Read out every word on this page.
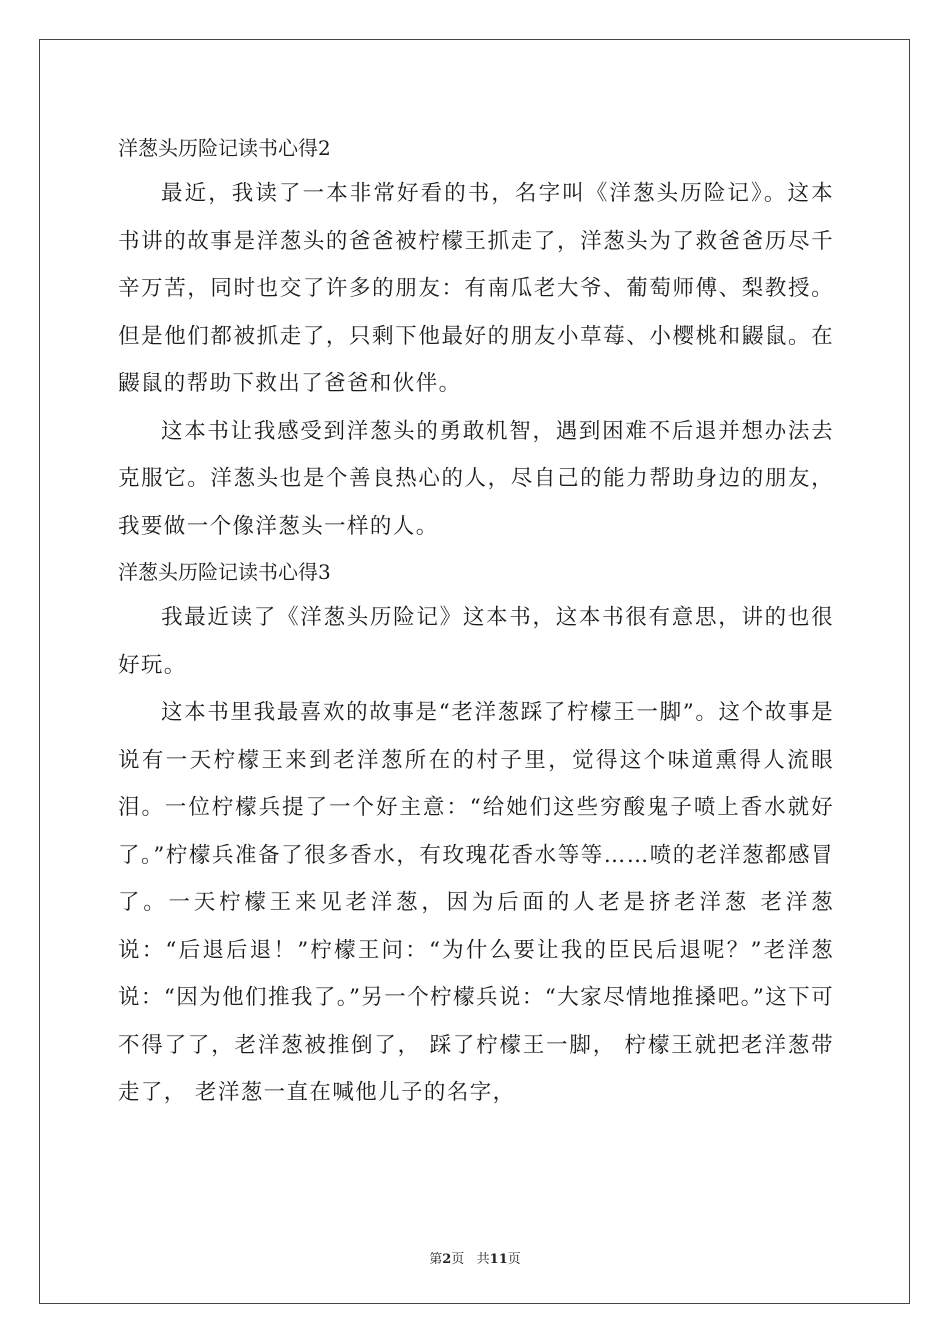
洋葱头历险记读书心得2

最近，我读了一本非常好看的书，名字叫《洋葱头历险记》。这本书讲的故事是洋葱头的爸爸被柠檬王抓走了，洋葱头为了救爸爸历尽千辛万苦，同时也交了许多的朋友：有南瓜老大爷、葡萄师傅、梨教授。但是他们都被抓走了，只剩下他最好的朋友小草莓、小樱桃和鼹鼠。在鼹鼠的帮助下救出了爸爸和伙伴。

这本书让我感受到洋葱头的勇敢机智，遇到困难不后退并想办法去克服它。洋葱头也是个善良热心的人，尽自己的能力帮助身边的朋友，我要做一个像洋葱头一样的人。

洋葱头历险记读书心得3

我最近读了《洋葱头历险记》这本书，这本书很有意思，讲的也很好玩。

这本书里我最喜欢的故事是“老洋葱踩了柠檬王一脚”。这个故事是说有一天柠檬王来到老洋葱所在的村子里，觉得这个味道熏得人流眼泪。一位柠檬兵提了一个好主意：“给她们这些穷酸鬼子喷上香水就好了。”柠檬兵准备了很多香水，有玫瑰花香水等等……喷的老洋葱都感冒了。一天柠檬王来见老洋葱，因为后面的人老是挤老洋葱 老洋葱说：“后退后退！”柠檬王问：“为什么要让我的臣民后退呢？”老洋葱说：“因为他们推我了。”另一个柠檬兵说：“大家尽情地推搡吧。”这下可不得了了，老洋葱被推倒了， 踩了柠檬王一脚， 柠檬王就把老洋葱带走了， 老洋葱一直在喊他儿子的名字，

第2页   共11页
